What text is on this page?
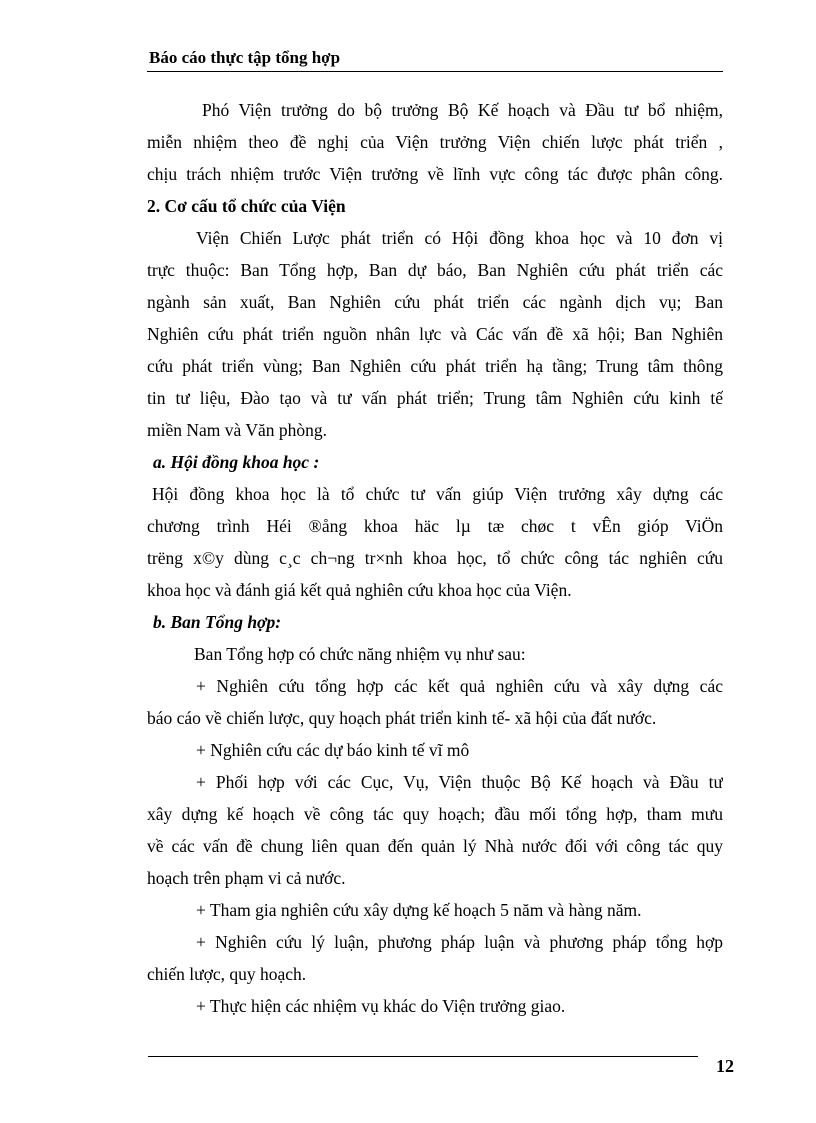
Báo cáo thực tập tổng hợp
Phó Viện trưởng do bộ trưởng Bộ Kế hoạch và Đầu tư bổ nhiệm,
miễn nhiệm theo đề nghị của Viện trưởng Viện chiến lược phát triển ,
chịu trách nhiệm trước Viện trưởng về lĩnh vực công tác được phân công.
2. Cơ cấu tổ chức của Viện
Viện Chiến Lược phát triển có Hội đồng khoa học và 10 đơn vị
trực thuộc: Ban Tổng hợp, Ban dự báo, Ban Nghiên cứu phát triển các
ngành sản xuất, Ban Nghiên cứu phát triển các ngành dịch vụ; Ban
Nghiên cứu phát triển nguồn nhân lực và Các vấn đề xã hội; Ban Nghiên
cứu phát triển vùng; Ban Nghiên cứu phát triển hạ tầng; Trung tâm thông
tin tư liệu, Đào tạo và tư vấn phát triển; Trung tâm Nghiên cứu kinh tế
miền Nam và Văn phòng.
a. Hội đồng khoa học :
Hội đồng khoa học là tổ chức tư vấn giúp Viện trưởng xây dựng các
chương trình Héi ®ång khoa häc lµ tæ chøc t vÊn gióp ViÖn
trëng x©y dùng c¸c ch¬ng tr×nh khoa học, tổ chức công tác nghiên cứu
khoa học và đánh giá kết quả nghiên cứu khoa học của Viện.
b. Ban Tổng hợp:
Ban Tổng hợp có chức năng nhiệm vụ như sau:
+ Nghiên cứu tổng hợp các kết quả nghiên cứu và xây dựng các
báo cáo về chiến lược, quy hoạch phát triển kinh tế- xã hội của đất nước.
+ Nghiên cứu các dự báo kinh tế vĩ mô
+ Phối hợp với các Cục, Vụ, Viện thuộc Bộ Kế hoạch và Đầu tư
xây dựng kế hoạch về công tác quy hoạch; đầu mối tổng hợp, tham mưu
về các vấn đề chung liên quan đến quản lý Nhà nước đối với công tác quy
hoạch trên phạm vi cả nước.
+ Tham gia nghiên cứu xây dựng kế hoạch 5 năm và hàng năm.
+ Nghiên cứu lý luận, phương pháp luận và phương pháp tổng hợp
chiến lược, quy hoạch.
+ Thực hiện các nhiệm vụ khác do Viện trưởng giao.
12
